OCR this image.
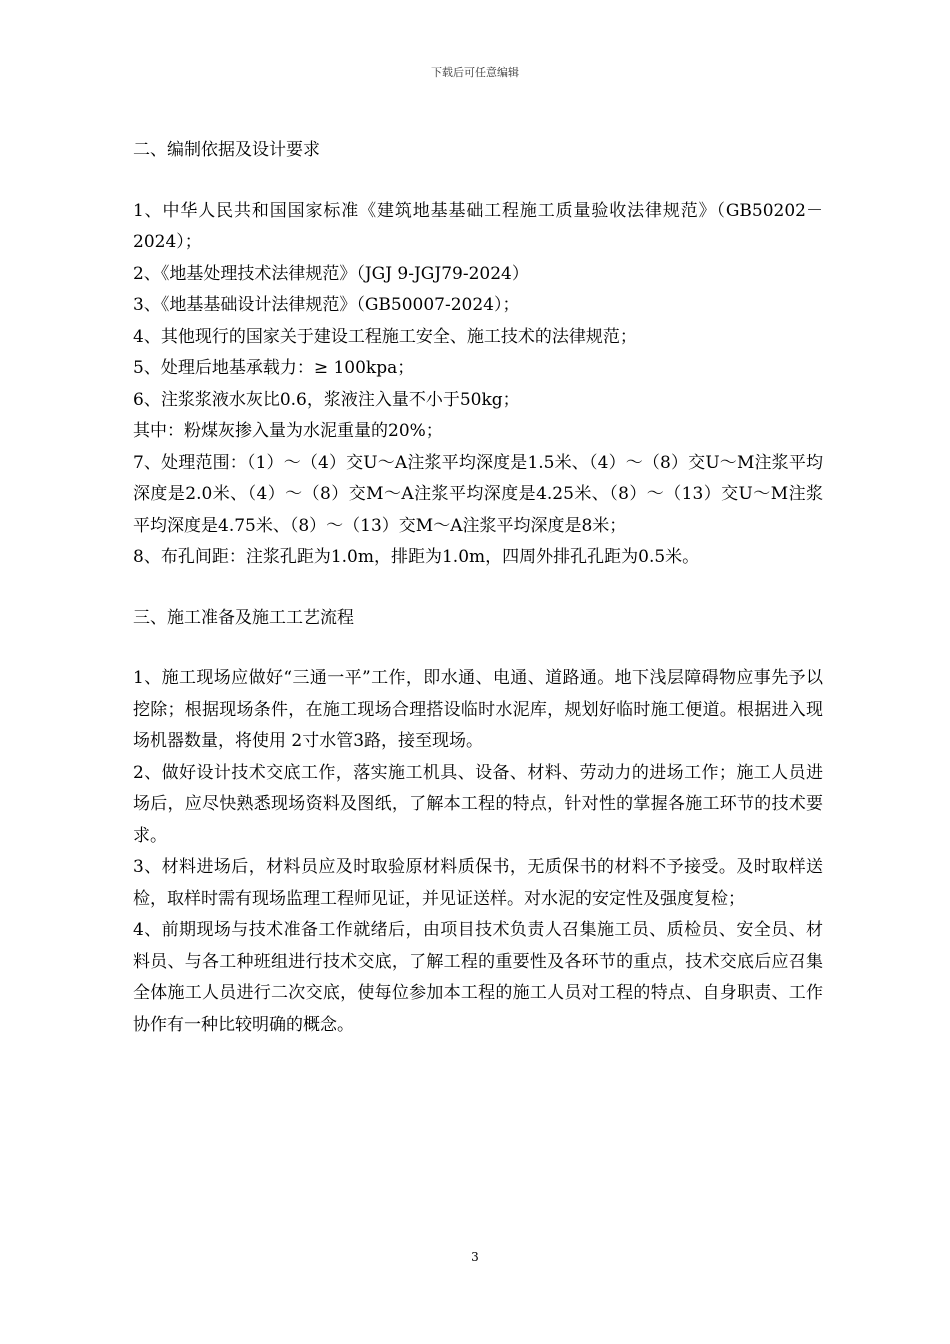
下载后可任意编辑

二、编制依据及设计要求

1、中华人民共和国国家标准《建筑地基基础工程施工质量验收法律规范》（GB50202－2024）；

2、《地基处理技术法律规范》（JGJ 9-JGJ79-2024）

3、《地基基础设计法律规范》（GB50007-2024）；

4、其他现行的国家关于建设工程施工安全、施工技术的法律规范；

5、处理后地基承载力：≥ 100kpa；

6、注浆浆液水灰比0.6，浆液注入量不小于50kg；

其中：粉煤灰掺入量为水泥重量的20%；

7、处理范围：（1）～（4）交U～A注浆平均深度是1.5米、（4）～（8）交U～M注浆平均深度是2.0米、（4）～（8）交M～A注浆平均深度是4.25米、（8）～（13）交U～M注浆平均深度是4.75米、（8）～（13）交M～A注浆平均深度是8米；

8、布孔间距：注浆孔距为1.0m，排距为1.0m，四周外排孔孔距为0.5米。

三、施工准备及施工工艺流程

1、施工现场应做好“三通一平”工作，即水通、电通、道路通。地下浅层障碍物应事先予以挖除；根据现场条件，在施工现场合理搭设临时水泥库，规划好临时施工便道。根据进入现场机器数量，将使用 2寸水管3路，接至现场。

2、做好设计技术交底工作，落实施工机具、设备、材料、劳动力的进场工作；施工人员进场后，应尽快熟悉现场资料及图纸，了解本工程的特点，针对性的掌握各施工环节的技术要求。

3、材料进场后，材料员应及时取验原材料质保书，无质保书的材料不予接受。及时取样送检，取样时需有现场监理工程师见证，并见证送样。对水泥的安定性及强度复检；

4、前期现场与技术准备工作就绪后，由项目技术负责人召集施工员、质检员、安全员、材料员、与各工种班组进行技术交底，了解工程的重要性及各环节的重点，技术交底后应召集全体施工人员进行二次交底，使每位参加本工程的施工人员对工程的特点、自身职责、工作协作有一种比较明确的概念。

3
